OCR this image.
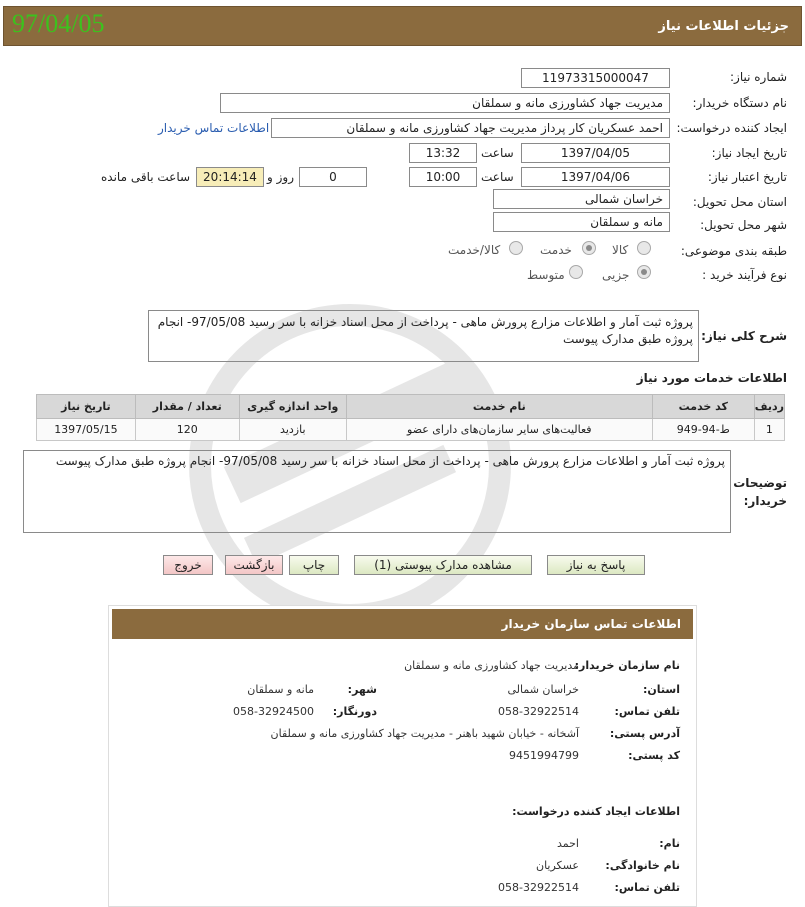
جزئیات اطلاعات نیاز
97/04/05
شماره نیاز:
1197331500004​7
نام دستگاه خریدار:
مدیریت جهاد کشاورزی مانه و سملقان
ایجاد کننده درخواست:
احمد عسکریان کار پرداز مدیریت جهاد کشاورزی مانه و سملقان
اطلاعات تماس خریدار
تاریخ ایجاد نیاز:
1397/04/05
ساعت
13:32
تاریخ اعتبار نیاز:
1397/04/06
ساعت
10:00
0
روز و
20:14:14
ساعت باقی مانده
استان محل تحویل:
خراسان شمالی
شهر محل تحویل:
مانه و سملقان
طبقه بندی موضوعی:
کالا
خدمت
کالا/خدمت
نوع فرآیند خرید :
جزیی
متوسط
شرح کلی نیاز:
پروژه ثبت آمار و اطلاعات مزارع پرورش ماهی - پرداخت از محل اسناد خزانه با سر رسید 97/05/08- انجام پروژه طبق مدارک پیوست
اطلاعات خدمات مورد نیاز
ردیف	کد خدمت	نام خدمت	واحد اندازه گیری	تعداد / مقدار	تاریخ نیاز
1	ط-94-949	فعالیت‌های سایر سازمان‌های دارای عضو	بازدید	120	1397/05/15
توضیحات خریدار:
پروژه ثبت آمار و اطلاعات مزارع پرورش ماهی - پرداخت از محل اسناد خزانه با سر رسید 97/05/08- انجام پروژه طبق مدارک پیوست
پاسخ به نیاز
مشاهده مدارک پیوستی (1)
چاپ
بازگشت
خروج
اطلاعات تماس سازمان خریدار
نام سازمان خریدار:
مدیریت جهاد کشاورزی مانه و سملقان
استان:
خراسان شمالی
شهر:
مانه و سملقان
تلفن تماس:
058-32922514
دورنگار:
058-32924500
آدرس پستی:
آشخانه - خیابان شهید باهنر - مدیریت جهاد کشاورزی مانه و سملقان
کد پستی:
9451994799
اطلاعات ایجاد کننده درخواست:
نام:
احمد
نام خانوادگی:
عسکریان
تلفن تماس:
058-32922514
